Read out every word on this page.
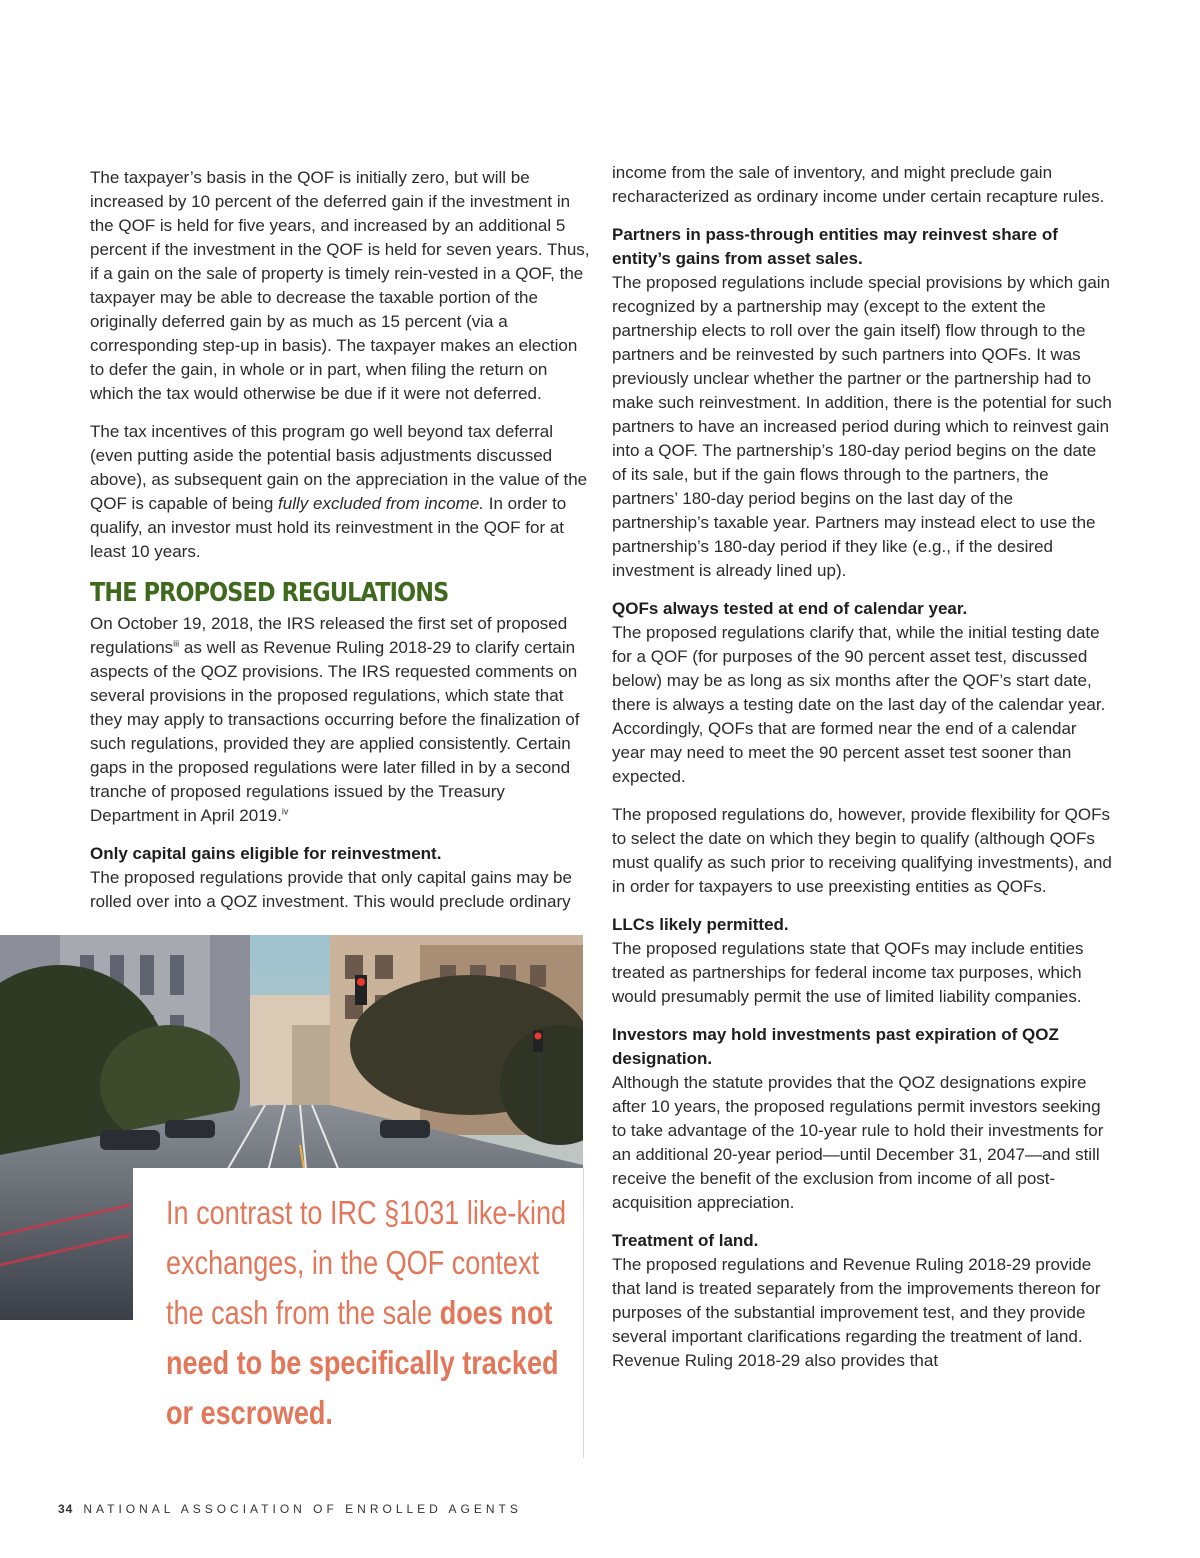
The taxpayer’s basis in the QOF is initially zero, but will be increased by 10 percent of the deferred gain if the investment in the QOF is held for five years, and increased by an additional 5 percent if the investment in the QOF is held for seven years. Thus, if a gain on the sale of property is timely rein-vested in a QOF, the taxpayer may be able to decrease the taxable portion of the originally deferred gain by as much as 15 percent (via a corresponding step-up in basis). The taxpayer makes an election to defer the gain, in whole or in part, when filing the return on which the tax would otherwise be due if it were not deferred.

The tax incentives of this program go well beyond tax deferral (even putting aside the potential basis adjustments discussed above), as subsequent gain on the appreciation in the value of the QOF is capable of being fully excluded from income. In order to qualify, an investor must hold its reinvestment in the QOF for at least 10 years.

THE PROPOSED REGULATIONS

On October 19, 2018, the IRS released the first set of proposed regulations$^{iii}$ as well as Revenue Ruling 2018-29 to clarify certain aspects of the QOZ provisions. The IRS requested comments on several provisions in the proposed regulations, which state that they may apply to transactions occurring before the finalization of such regulations, provided they are applied consistently. Certain gaps in the proposed regulations were later filled in by a second tranche of proposed regulations issued by the Treasury Department in April 2019.$^{iv}$

Only capital gains eligible for reinvestment.
The proposed regulations provide that only capital gains may be rolled over into a QOZ investment. This would preclude ordinary

income from the sale of inventory, and might preclude gain recharacterized as ordinary income under certain recapture rules.

Partners in pass-through entities may reinvest share of entity’s gains from asset sales.
The proposed regulations include special provisions by which gain recognized by a partnership may (except to the extent the partnership elects to roll over the gain itself) flow through to the partners and be reinvested by such partners into QOFs. It was previously unclear whether the partner or the partnership had to make such reinvestment. In addition, there is the potential for such partners to have an increased period during which to reinvest gain into a QOF. The partnership’s 180-day period begins on the date of its sale, but if the gain flows through to the partners, the partners’ 180-day period begins on the last day of the partnership’s taxable year. Partners may instead elect to use the partnership’s 180-day period if they like (e.g., if the desired investment is already lined up).

QOFs always tested at end of calendar year.
The proposed regulations clarify that, while the initial testing date for a QOF (for purposes of the 90 percent asset test, discussed below) may be as long as six months after the QOF’s start date, there is always a testing date on the last day of the calendar year. Accordingly, QOFs that are formed near the end of a calendar year may need to meet the 90 percent asset test sooner than expected.

The proposed regulations do, however, provide flexibility for QOFs to select the date on which they begin to qualify (although QOFs must qualify as such prior to receiving qualifying investments), and in order for taxpayers to use preexisting entities as QOFs.

LLCs likely permitted.
The proposed regulations state that QOFs may include entities treated as partnerships for federal income tax purposes, which would presumably permit the use of limited liability companies.

Investors may hold investments past expiration of QOZ designation.
Although the statute provides that the QOZ designations expire after 10 years, the proposed regulations permit investors seeking to take advantage of the 10-year rule to hold their investments for an additional 20-year period—until December 31, 2047—and still receive the benefit of the exclusion from income of all post-acquisition appreciation.

Treatment of land.
The proposed regulations and Revenue Ruling 2018-29 provide that land is treated separately from the improvements thereon for purposes of the substantial improvement test, and they provide several important clarifications regarding the treatment of land. Revenue Ruling 2018-29 also provides that

In contrast to IRC §1031 like-kind exchanges, in the QOF context the cash from the sale does not need to be specifically tracked or escrowed.
34 NATIONAL ASSOCIATION OF ENROLLED AGENTS
